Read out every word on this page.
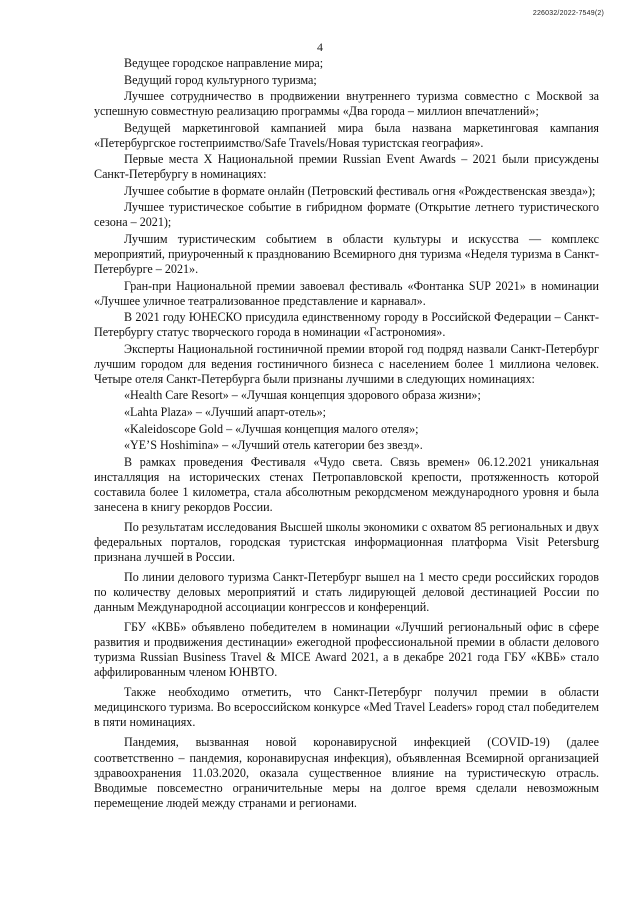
226032/2022-7549(2)
4

Ведущее городское направление мира;

Ведущий город культурного туризма;

Лучшее сотрудничество в продвижении внутреннего туризма совместно с Москвой за успешную совместную реализацию программы «Два города – миллион впечатлений»;

Ведущей маркетинговой кампанией мира была названа маркетинговая кампания «Петербургское гостеприимство/Safe Travels/Новая туристская география».

Первые места X Национальной премии Russian Event Awards – 2021 были присуждены Санкт-Петербургу в номинациях:

Лучшее событие в формате онлайн (Петровский фестиваль огня «Рождественская звезда»);

Лучшее туристическое событие в гибридном формате (Открытие летнего туристического сезона – 2021);

Лучшим туристическим событием в области культуры и искусства — комплекс мероприятий, приуроченный к празднованию Всемирного дня туризма «Неделя туризма в Санкт-Петербурге – 2021».

Гран-при Национальной премии завоевал фестиваль «Фонтанка SUP 2021» в номинации «Лучшее уличное театрализованное представление и карнавал».

В 2021 году ЮНЕСКО присудила единственному городу в Российской Федерации – Санкт-Петербургу статус творческого города в номинации «Гастрономия».

Эксперты Национальной гостиничной премии второй год подряд назвали Санкт-Петербург лучшим городом для ведения гостиничного бизнеса с населением более 1 миллиона человек. Четыре отеля Санкт-Петербурга были признаны лучшими в следующих номинациях:

«Health Care Resort» – «Лучшая концепция здорового образа жизни»;

«Lahta Plaza» – «Лучший апарт-отель»;

«Kaleidoscope Gold – «Лучшая концепция малого отеля»;

«YE’S Hoshimina» – «Лучший отель категории без звезд».

В рамках проведения Фестиваля «Чудо света. Связь времен» 06.12.2021 уникальная инсталляция на исторических стенах Петропавловской крепости, протяженность которой составила более 1 километра, стала абсолютным рекордсменом международного уровня и была занесена в книгу рекордов России.

По результатам исследования Высшей школы экономики с охватом 85 региональных и двух федеральных порталов, городская туристская информационная платформа Visit Petersburg признана лучшей в России.

По линии делового туризма Санкт-Петербург вышел на 1 место среди российских городов по количеству деловых мероприятий и стать лидирующей деловой дестинацией России по данным Международной ассоциации конгрессов и конференций.

ГБУ «КВБ» объявлено победителем в номинации «Лучший региональный офис в сфере развития и продвижения дестинации» ежегодной профессиональной премии в области делового туризма Russian Business Travel & MICE Award 2021, а в декабре 2021 года ГБУ «КВБ» стало аффилированным членом ЮНВТО.

Также необходимо отметить, что Санкт-Петербург получил премии в области медицинского туризма. Во всероссийском конкурсе «Med Travel Leaders» город стал победителем в пяти номинациях.

Пандемия, вызванная новой коронавирусной инфекцией (COVID-19) (далее соответственно – пандемия, коронавирусная инфекция), объявленная Всемирной организацией здравоохранения 11.03.2020, оказала существенное влияние на туристическую отрасль. Вводимые повсеместно ограничительные меры на долгое время сделали невозможным перемещение людей между странами и регионами.
